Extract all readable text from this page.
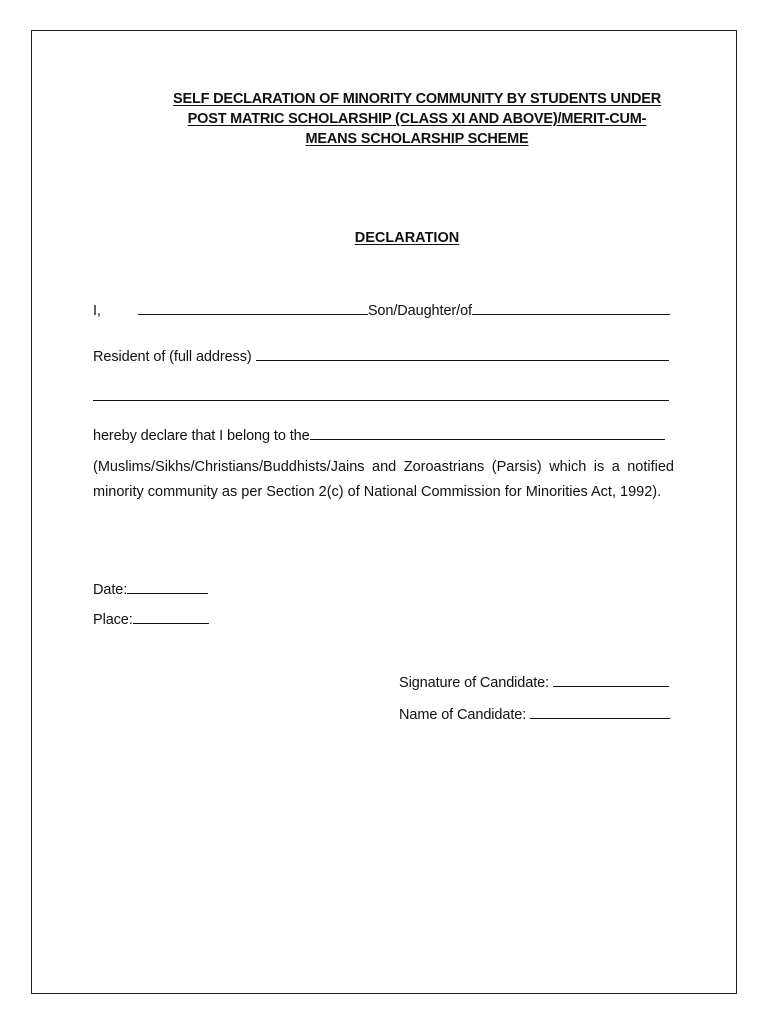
SELF DECLARATION OF MINORITY COMMUNITY BY STUDENTS UNDER
POST MATRIC SCHOLARSHIP (CLASS XI AND ABOVE)/MERIT-CUM-
MEANS SCHOLARSHIP SCHEME
DECLARATION
I,	Son/Daughter/of
Resident of (full address)
hereby declare that I belong to the
(Muslims/Sikhs/Christians/Buddhists/Jains and Zoroastrians (Parsis) which is a notified minority community as per Section 2(c) of National Commission for Minorities Act, 1992).
Date:
Place:
Signature of Candidate:
Name of Candidate:
